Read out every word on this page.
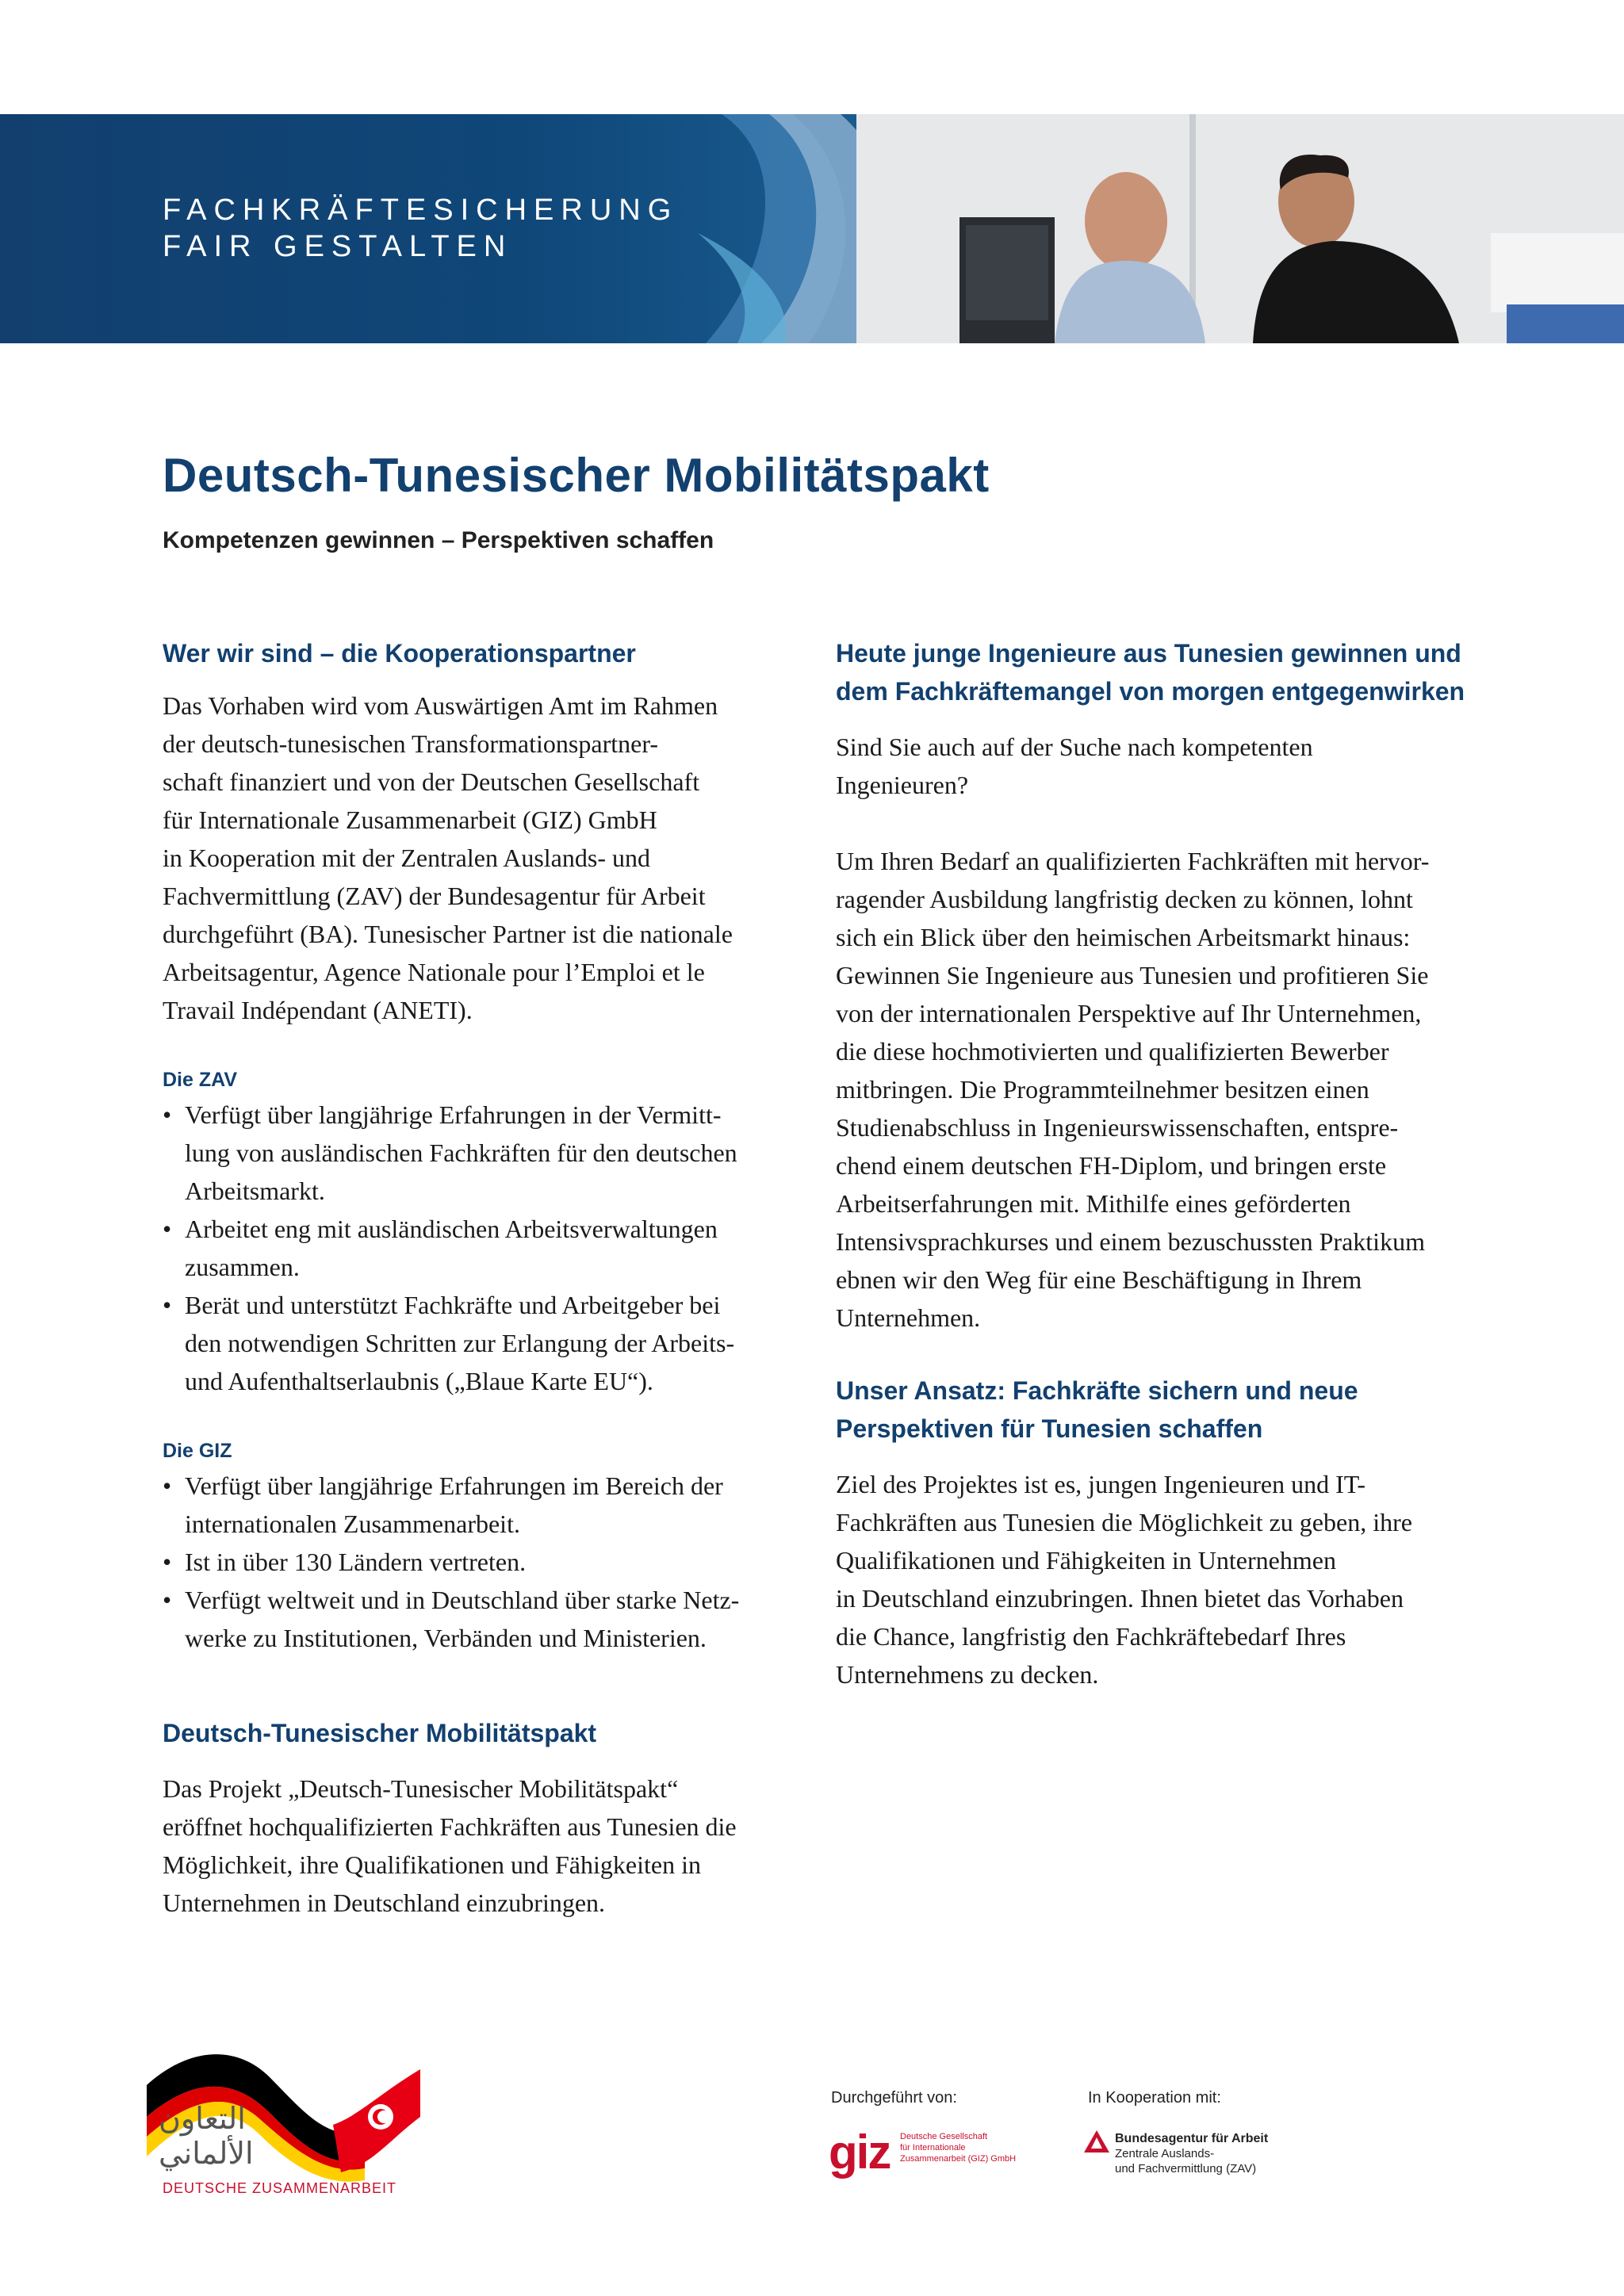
FACHKRÄFTESICHERUNG
FAIR GESTALTEN
Deutsch-Tunesischer Mobilitätspakt
Kompetenzen gewinnen – Perspektiven schaffen
Wer wir sind – die Kooperationspartner
Das Vorhaben wird vom Auswärtigen Amt im Rahmen
der deutsch-tunesischen Transformationspartner-
schaft finanziert und von der Deutschen Gesellschaft
für Internationale Zusammenarbeit (GIZ) GmbH
in Kooperation mit der Zentralen Auslands- und
Fachvermittlung (ZAV) der Bundesagentur für Arbeit
durchgeführt (BA). Tunesischer Partner ist die nationale
Arbeitsagentur, Agence Nationale pour l’Emploi et le
Travail Indépendant (ANETI).
Die ZAV
• Verfügt über langjährige Erfahrungen in der Vermitt-
lung von ausländischen Fachkräften für den deutschen
Arbeitsmarkt.
• Arbeitet eng mit ausländischen Arbeitsverwaltungen
zusammen.
• Berät und unterstützt Fachkräfte und Arbeitgeber bei
den notwendigen Schritten zur Erlangung der Arbeits-
und Aufenthaltserlaubnis („Blaue Karte EU“).
Die GIZ
• Verfügt über langjährige Erfahrungen im Bereich der
internationalen Zusammenarbeit.
• Ist in über 130 Ländern vertreten.
• Verfügt weltweit und in Deutschland über starke Netz-
werke zu Institutionen, Verbänden und Ministerien.
Deutsch-Tunesischer Mobilitätspakt
Das Projekt „Deutsch-Tunesischer Mobilitätspakt“
eröffnet hochqualifizierten Fachkräften aus Tunesien die
Möglichkeit, ihre Qualifikationen und Fähigkeiten in
Unternehmen in Deutschland einzubringen.
Heute junge Ingenieure aus Tunesien gewinnen und
dem Fachkräftemangel von morgen entgegenwirken
Sind Sie auch auf der Suche nach kompetenten
Ingenieuren?
Um Ihren Bedarf an qualifizierten Fachkräften mit hervor-
ragender Ausbildung langfristig decken zu können, lohnt
sich ein Blick über den heimischen Arbeitsmarkt hinaus:
Gewinnen Sie Ingenieure aus Tunesien und profitieren Sie
von der internationalen Perspektive auf Ihr Unternehmen,
die diese hochmotivierten und qualifizierten Bewerber
mitbringen. Die Programmteilnehmer besitzen einen
Studienabschluss in Ingenieurswissenschaften, entspre-
chend einem deutschen FH-Diplom, und bringen erste
Arbeitserfahrungen mit. Mithilfe eines geförderten
Intensivsprachkurses und einem bezuschussten Praktikum
ebnen wir den Weg für eine Beschäftigung in Ihrem
Unternehmen.
Unser Ansatz: Fachkräfte sichern und neue
Perspektiven für Tunesien schaffen
Ziel des Projektes ist es, jungen Ingenieuren und IT-
Fachkräften aus Tunesien die Möglichkeit zu geben, ihre
Qualifikationen und Fähigkeiten in Unternehmen
in Deutschland einzubringen. Ihnen bietet das Vorhaben
die Chance, langfristig den Fachkräftebedarf Ihres
Unternehmens zu decken.
التعاون
الألماني
DEUTSCHE ZUSAMMENARBEIT
Durchgeführt von:	In Kooperation mit:
giz Deutsche Gesellschaft
für Internationale
Zusammenarbeit (GIZ) GmbH
Bundesagentur für Arbeit
Zentrale Auslands-
und Fachvermittlung (ZAV)
